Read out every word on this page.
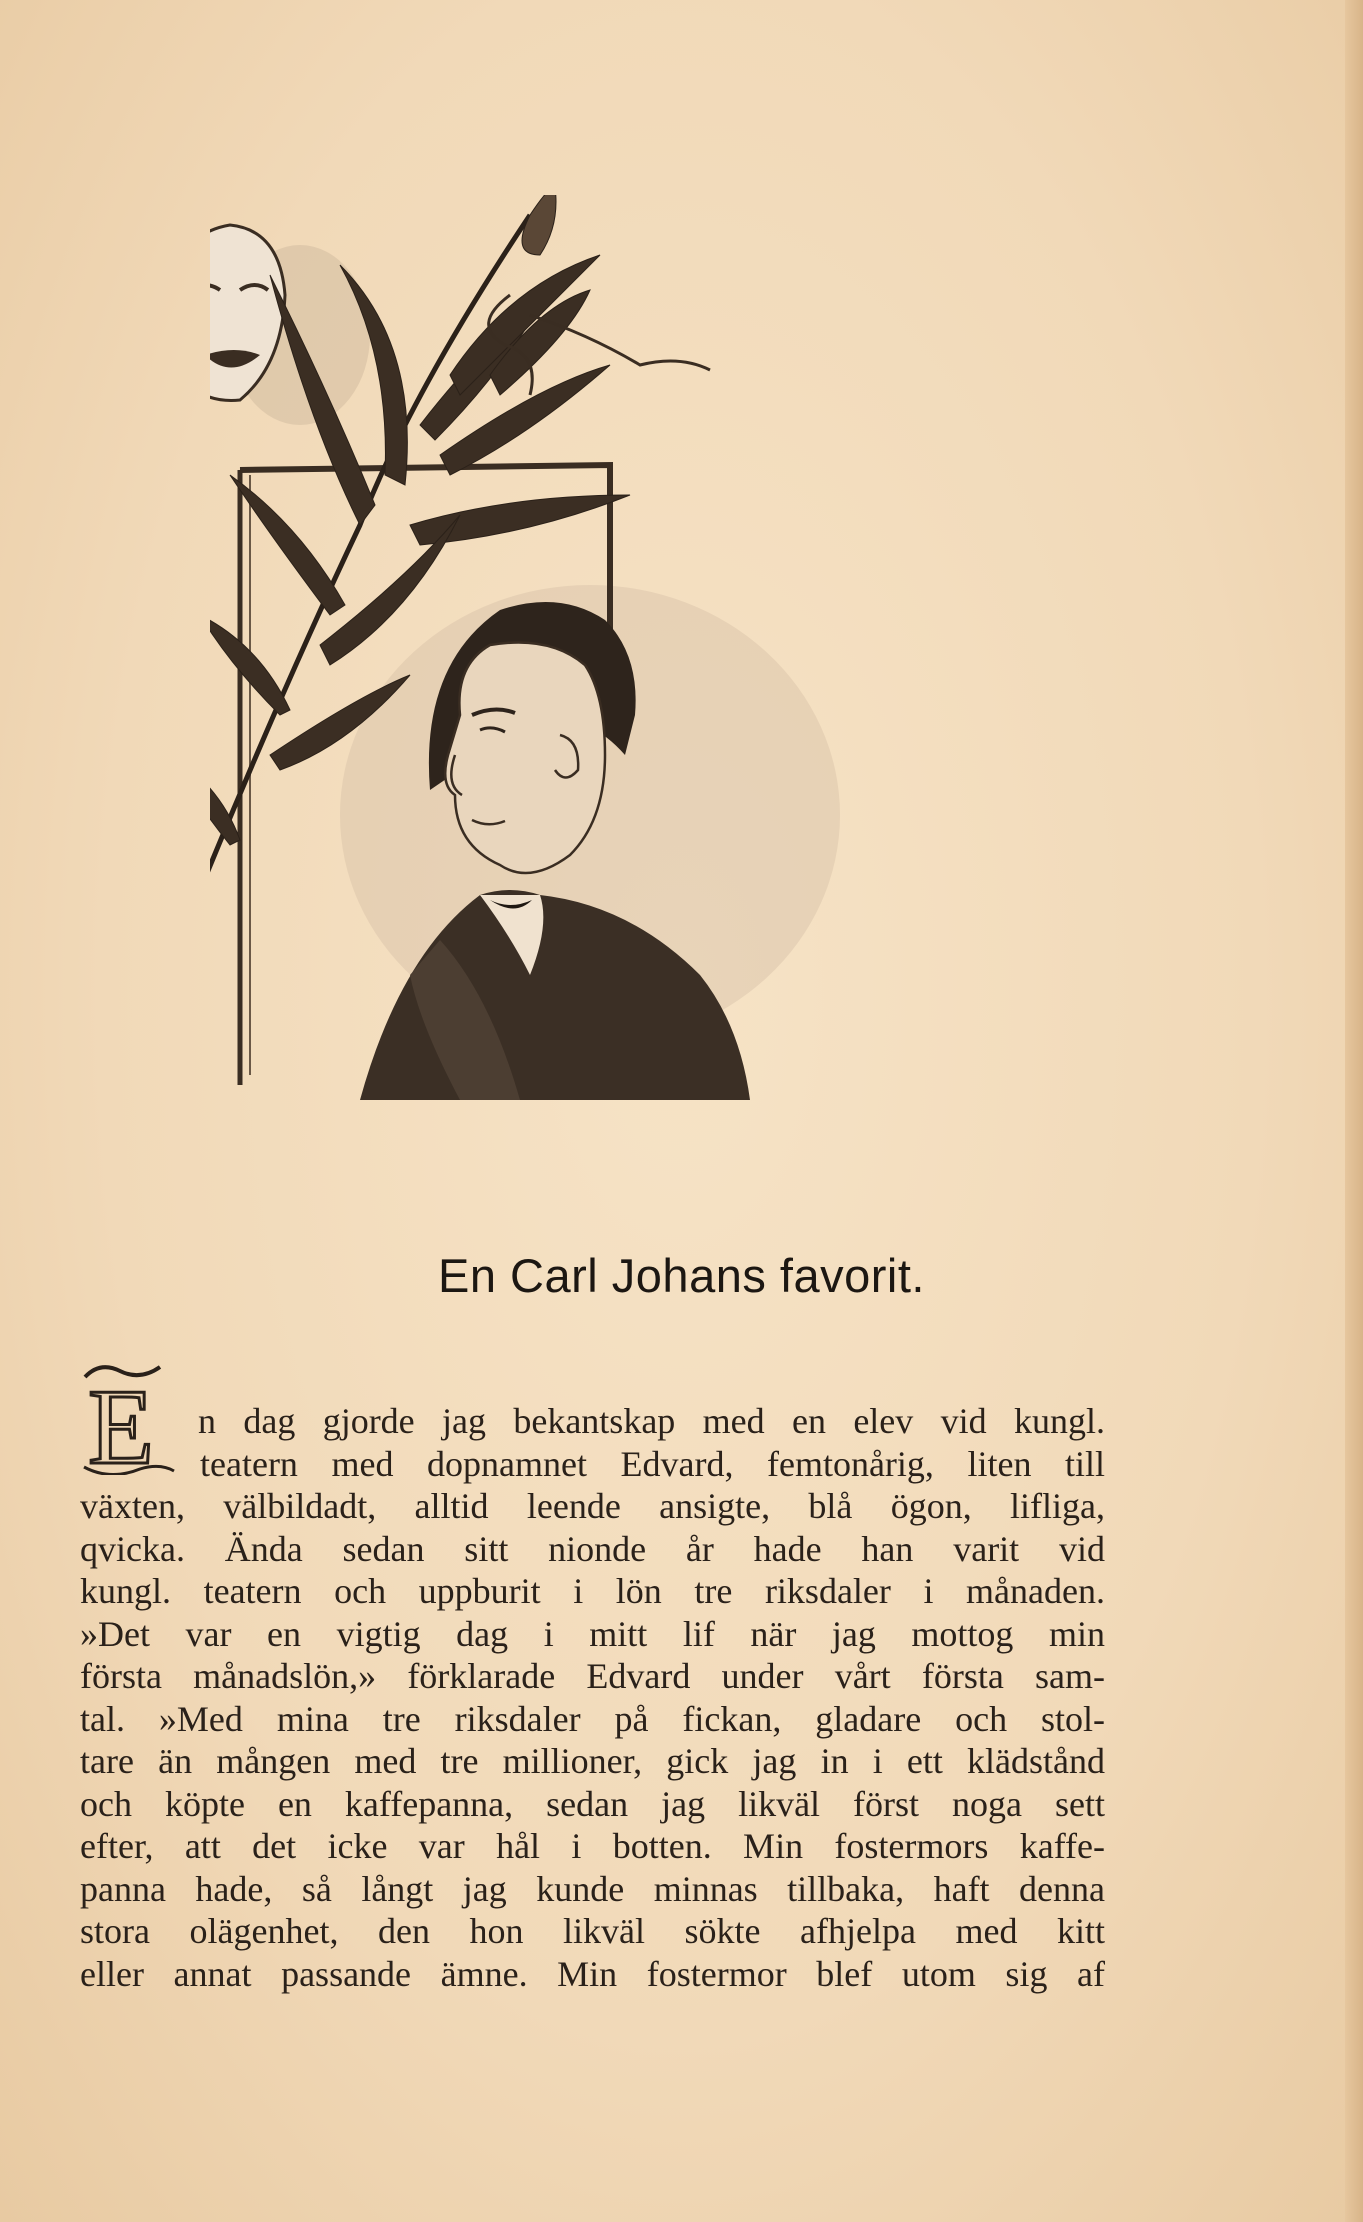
En Carl Johans favorit.
E	n dag gjorde jag bekantskap med en elev vid kungl.
teatern med dopnamnet Edvard, femtonårig, liten till
växten, välbildadt, alltid leende ansigte, blå ögon, lifliga,
qvicka. Ända sedan sitt nionde år hade han varit vid
kungl. teatern och uppburit i lön tre riksdaler i månaden.
»Det var en vigtig dag i mitt lif när jag mottog min
första månadslön,» förklarade Edvard under vårt första sam-
tal. »Med mina tre riksdaler på fickan, gladare och stol-
tare än mången med tre millioner, gick jag in i ett klädstånd
och köpte en kaffepanna, sedan jag likväl först noga sett
efter, att det icke var hål i botten. Min fostermors kaffe-
panna hade, så långt jag kunde minnas tillbaka, haft denna
stora olägenhet, den hon likväl sökte afhjelpa med kitt
eller annat passande ämne. Min fostermor blef utom sig af
